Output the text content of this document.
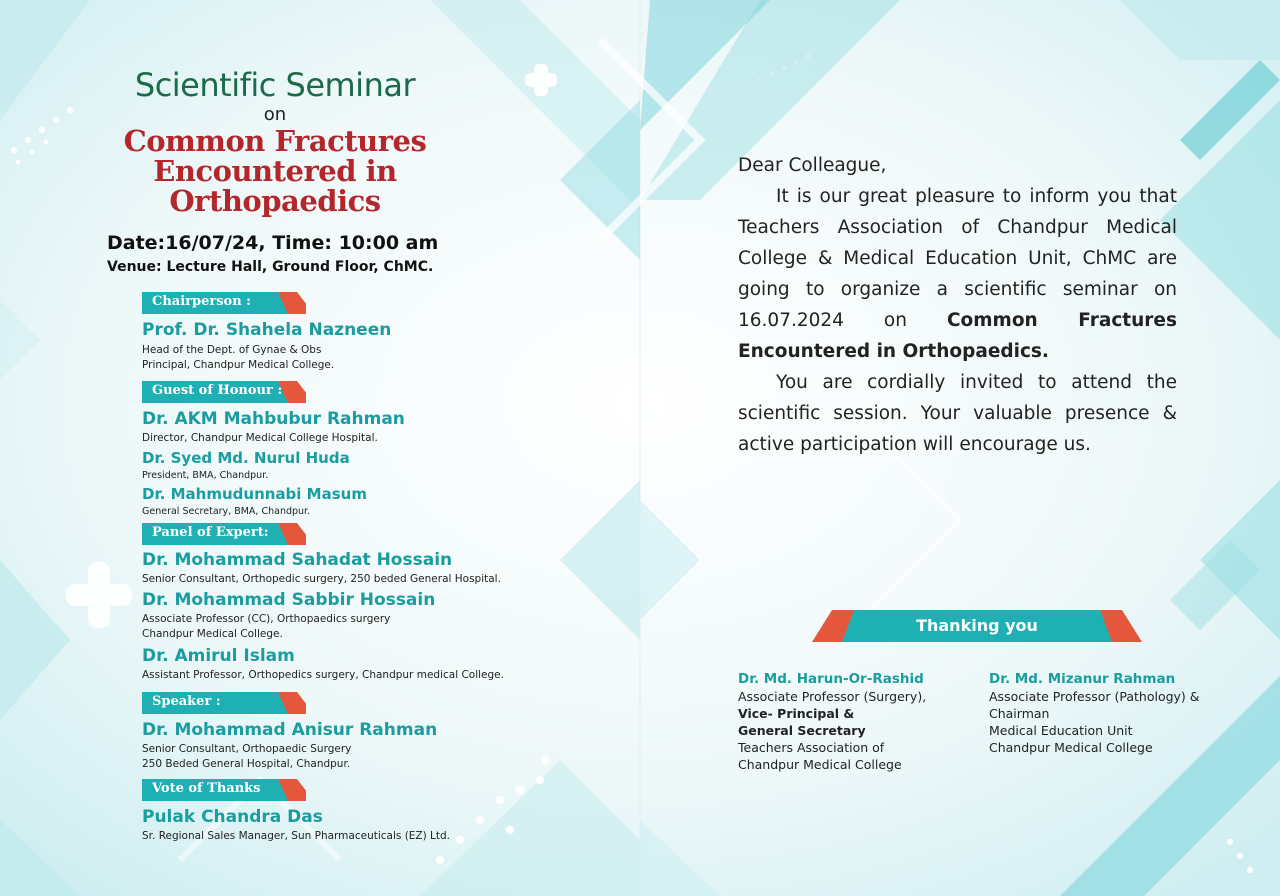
Scientific Seminar
on
Common Fractures
Encountered in
Orthopaedics
Date:16/07/24, Time: 10:00 am
Venue: Lecture Hall, Ground Floor, ChMC.
Chairperson :
Prof. Dr. Shahela Nazneen
Head of the Dept. of Gynae & Obs
Principal, Chandpur Medical College.
Guest of Honour :
Dr. AKM Mahbubur Rahman
Director, Chandpur Medical College Hospital.
Dr. Syed Md. Nurul Huda
President, BMA, Chandpur.
Dr. Mahmudunnabi Masum
General Secretary, BMA, Chandpur.
Panel of Expert:
Dr. Mohammad Sahadat Hossain
Senior Consultant, Orthopedic surgery, 250 beded General Hospital.
Dr. Mohammad Sabbir Hossain
Associate Professor (CC), Orthopaedics surgery
Chandpur Medical College.
Dr. Amirul Islam
Assistant Professor, Orthopedics surgery, Chandpur medical College.
Speaker :
Dr. Mohammad Anisur Rahman
Senior Consultant, Orthopaedic Surgery
250 Beded General Hospital, Chandpur.
Vote of Thanks
Pulak Chandra Das
Sr. Regional Sales Manager, Sun Pharmaceuticals (EZ) Ltd.

Dear Colleague,

It is our great pleasure to inform you that Teachers Association of Chandpur Medical College & Medical Education Unit, ChMC are going to organize a scientific seminar on 16.07.2024 on Common Fractures Encountered in Orthopaedics.

You are cordially invited to attend the scientific session. Your valuable presence & active participation will encourage us.

Thanking you
Dr. Md. Harun-Or-Rashid
Associate Professor (Surgery),
Vice- Principal &
General Secretary
Teachers Association of
Chandpur Medical College
Dr. Md. Mizanur Rahman
Associate Professor (Pathology) &
Chairman
Medical Education Unit
Chandpur Medical College
